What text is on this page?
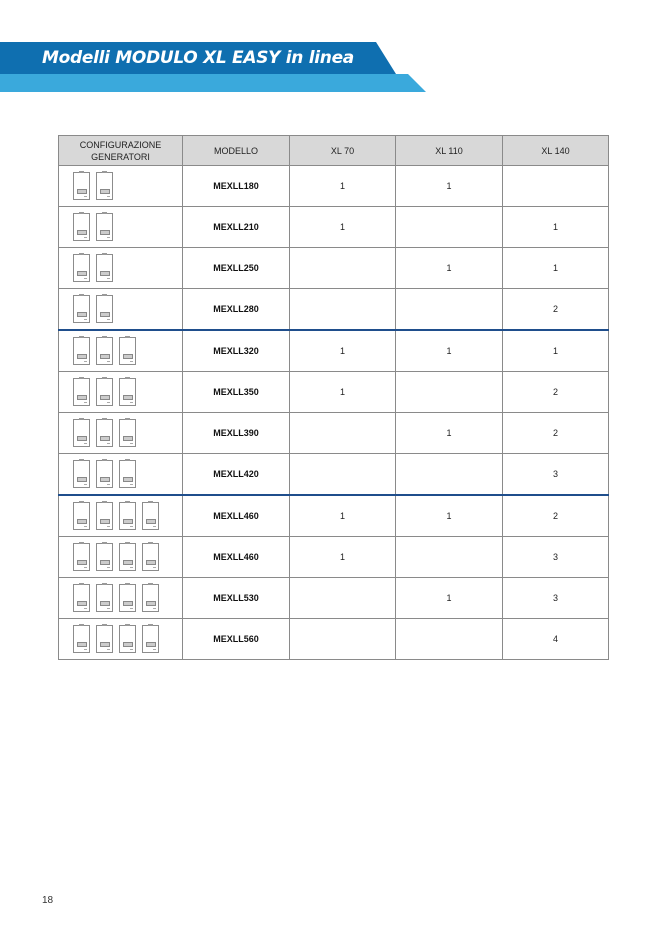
Modelli MODULO XL EASY in linea
CONFIGURAZIONE GENERATORI	MODELLO	XL 70	XL 110	XL 140

	MEXLL180	1	1	

	MEXLL210	1		1

	MEXLL250		1	1

	MEXLL280			2

	MEXLL320	1	1	1

	MEXLL350	1		2

	MEXLL390		1	2

	MEXLL420			3

	MEXLL460	1	1	2

	MEXLL460	1		3

	MEXLL530		1	3

	MEXLL560			4
18
